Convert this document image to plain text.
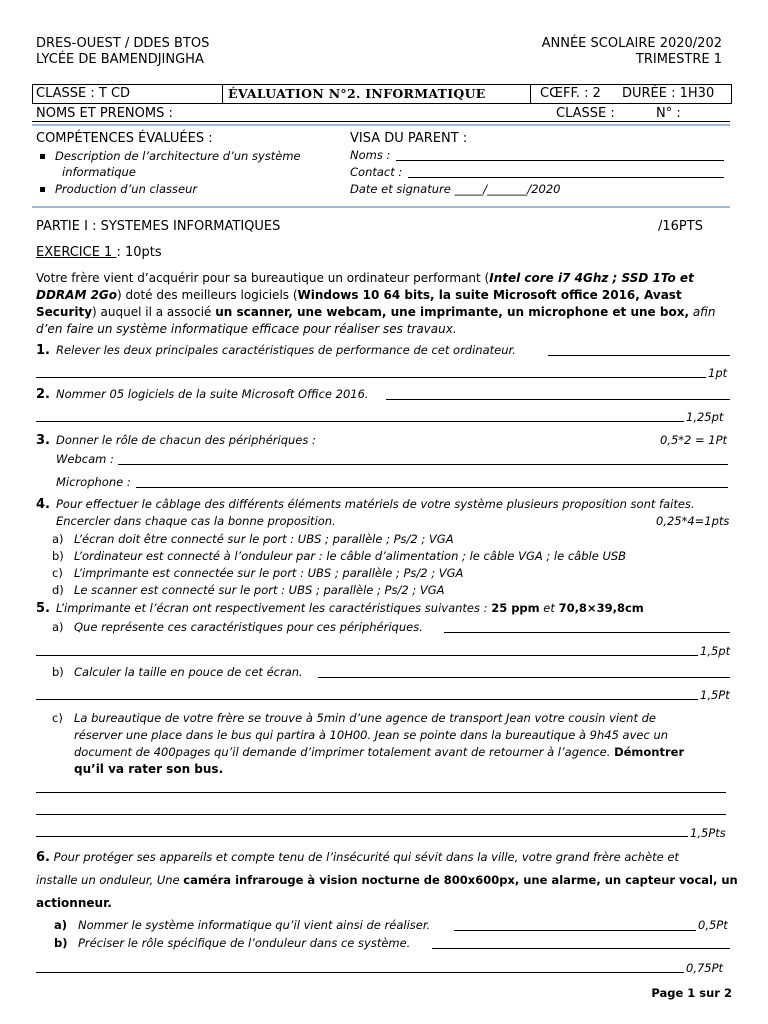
DRES-OUEST / DDES BTOS
LYCÉE DE BAMENDJINGHA
ANNÉE SCOLAIRE 2020/202
TRIMESTRE 1
CLASSE : T CD	ÉVALUATION N°2. INFORMATIQUE	CŒFF. : 2 DURÉE : 1H30
NOMS ET PRENOMS :	CLASSE :	N° :
COMPÉTENCES ÉVALUÉES :
Description de l’architecture d’un système
informatique
Production d’un classeur
VISA DU PARENT :
Noms :
Contact :
Date et signature _____/_______/2020
PARTIE I : SYSTEMES INFORMATIQUES	/16PTS
EXERCICE 1 : 10pts
Votre frère vient d’acquérir pour sa bureautique un ordinateur performant (Intel core i7 4Ghz ; SSD 1To et DDRAM 2Go) doté des meilleurs logiciels (Windows 10 64 bits, la suite Microsoft office 2016, Avast Security) auquel il a associé un scanner, une webcam, une imprimante, un microphone et une box, afin d’en faire un système informatique efficace pour réaliser ses travaux.
1. Relever les deux principales caractéristiques de performance de cet ordinateur.
1pt
2. Nommer 05 logiciels de la suite Microsoft Office 2016.
1,25pt
3. Donner le rôle de chacun des périphériques :	0,5*2 = 1Pt
Webcam :
Microphone :
4. Pour effectuer le câblage des différents éléments matériels de votre système plusieurs proposition sont faites.
Encercler dans chaque cas la bonne proposition.	0,25*4=1pts
a) L’écran doit être connecté sur le port : UBS ; parallèle ; Ps/2 ; VGA
b) L’ordinateur est connecté à l’onduleur par : le câble d’alimentation ; le câble VGA ; le câble USB
c) L’imprimante est connectée sur le port : UBS ; parallèle ; Ps/2 ; VGA
d) Le scanner est connecté sur le port : UBS ; parallèle ; Ps/2 ; VGA
5. L’imprimante et l’écran ont respectivement les caractéristiques suivantes : 25 ppm et 70,8×39,8cm
a) Que représente ces caractéristiques pour ces périphériques.
1,5pt
b) Calculer la taille en pouce de cet écran.
1,5Pt
c) La bureautique de votre frère se trouve à 5min d’une agence de transport Jean votre cousin vient de
réserver une place dans le bus qui partira à 10H00. Jean se pointe dans la bureautique à 9h45 avec un
document de 400pages qu’il demande d’imprimer totalement avant de retourner à l’agence. Démontrer
qu’il va rater son bus.
1,5Pts
6. Pour protéger ses appareils et compte tenu de l’insécurité qui sévit dans la ville, votre grand frère achète et
installe un onduleur, Une caméra infrarouge à vision nocturne de 800x600px, une alarme, un capteur vocal, un
actionneur.
a) Nommer le système informatique qu’il vient ainsi de réaliser.	0,5Pt
b) Préciser le rôle spécifique de l’onduleur dans ce système.
0,75Pt
Page 1 sur 2
